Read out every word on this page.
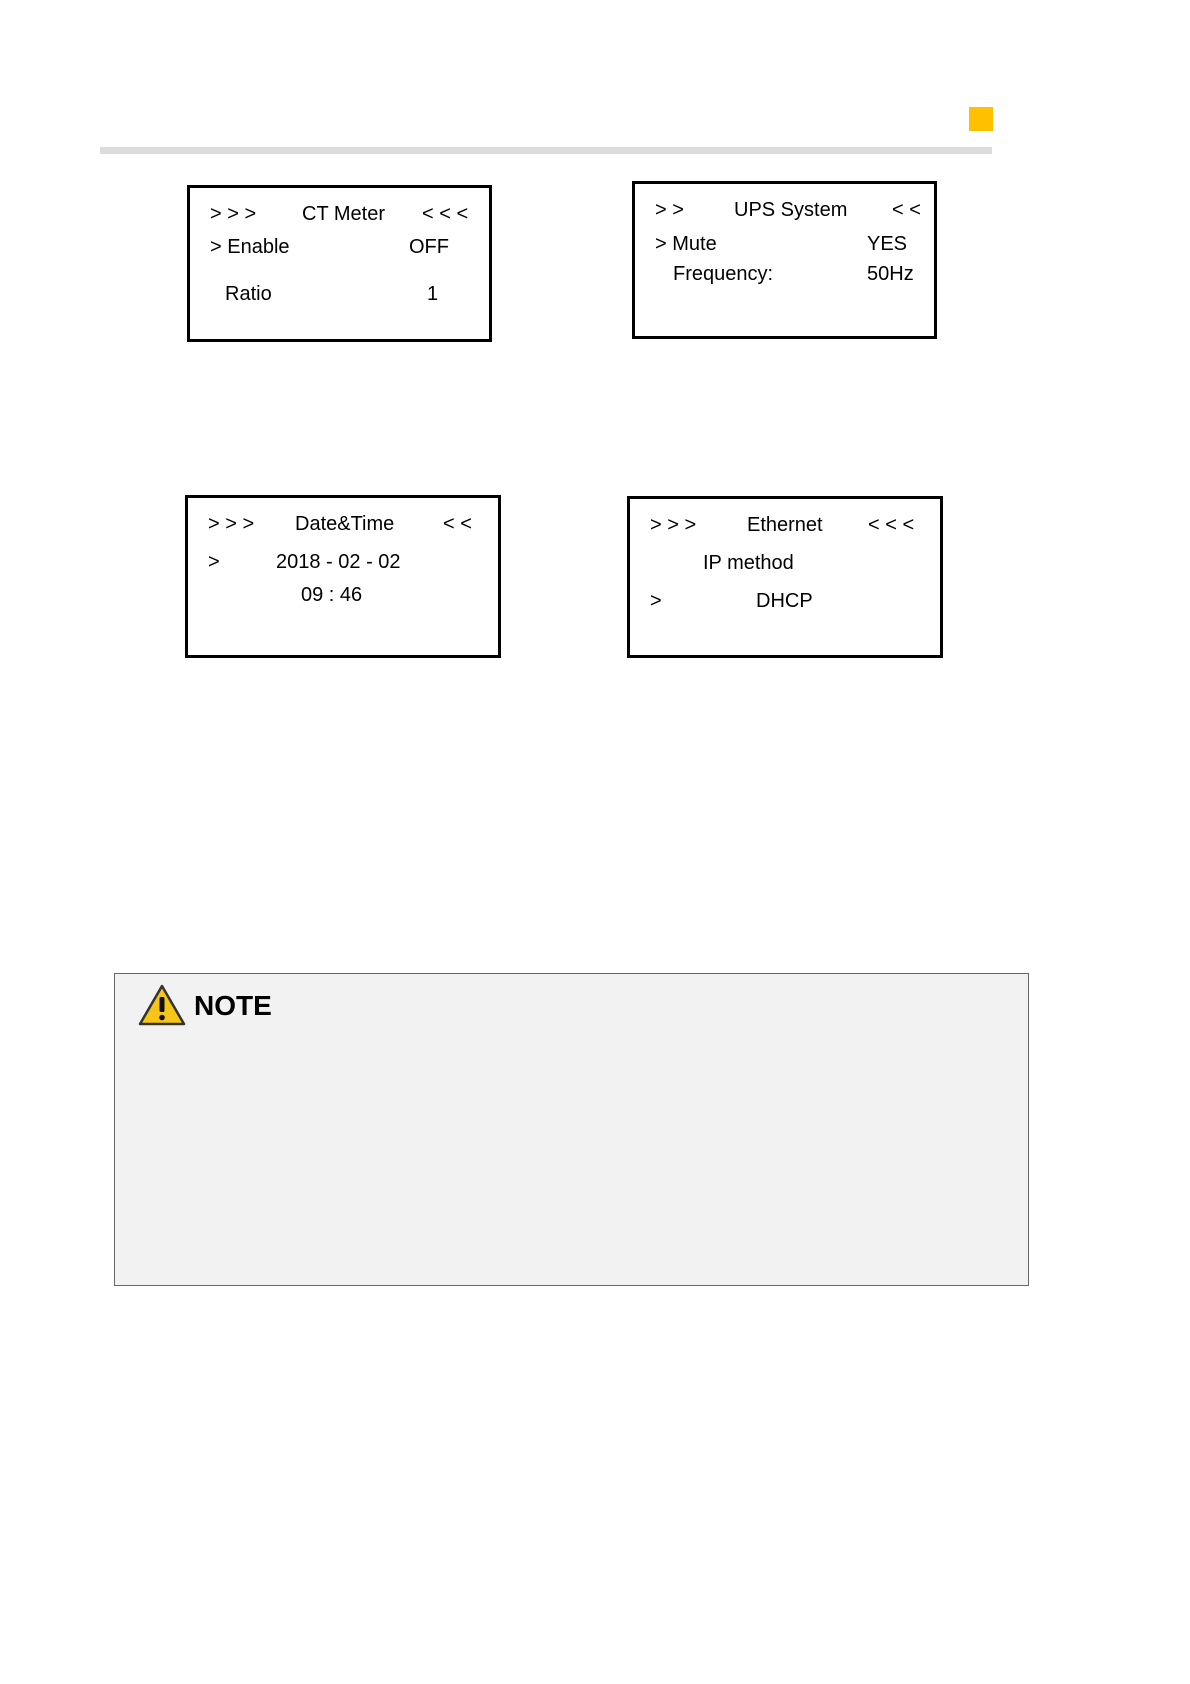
> > > CT Meter < < <
> Enable	OFF
Ratio	1
> >	UPS System < <
> Mute	YES
Frequency:	50Hz
> > > Date&Time < <
>	2018 - 02 - 02
09 : 46
> > >	Ethernet < < <
IP method
>	DHCP
NOTE
